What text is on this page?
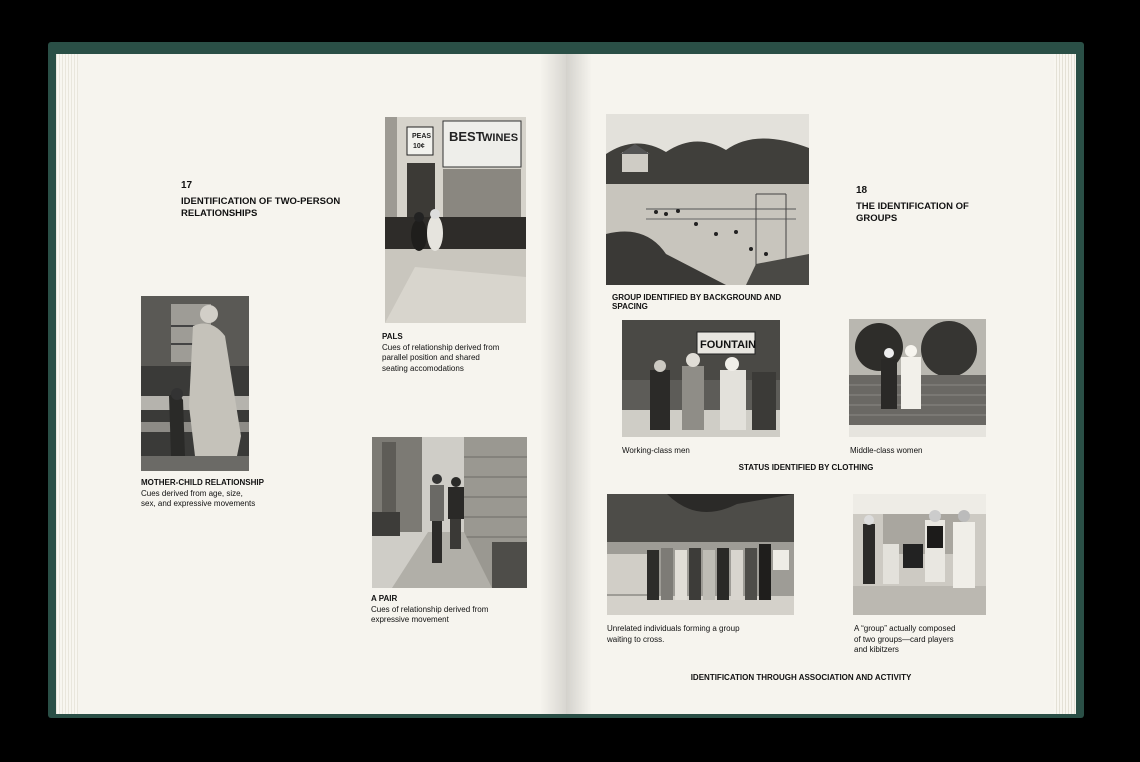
17
IDENTIFICATION OF TWO-PERSON
RELATIONSHIPS
BEST
WINES
PEAS
10¢
PALS
Cues of relationship derived from
parallel position and shared
seating accomodations
MOTHER-CHILD RELATIONSHIP
Cues derived from age, size,
sex, and expressive movements
A PAIR
Cues of relationship derived from
expressive movement
18
THE IDENTIFICATION OF
GROUPS
GROUP IDENTIFIED BY BACKGROUND AND SPACING
FOUNTAIN
Working-class men	Middle-class women
STATUS IDENTIFIED BY CLOTHING
Unrelated individuals forming a group
waiting to cross.
A “group” actually composed
of two groups—card players
and kibitzers
IDENTIFICATION THROUGH ASSOCIATION AND ACTIVITY
